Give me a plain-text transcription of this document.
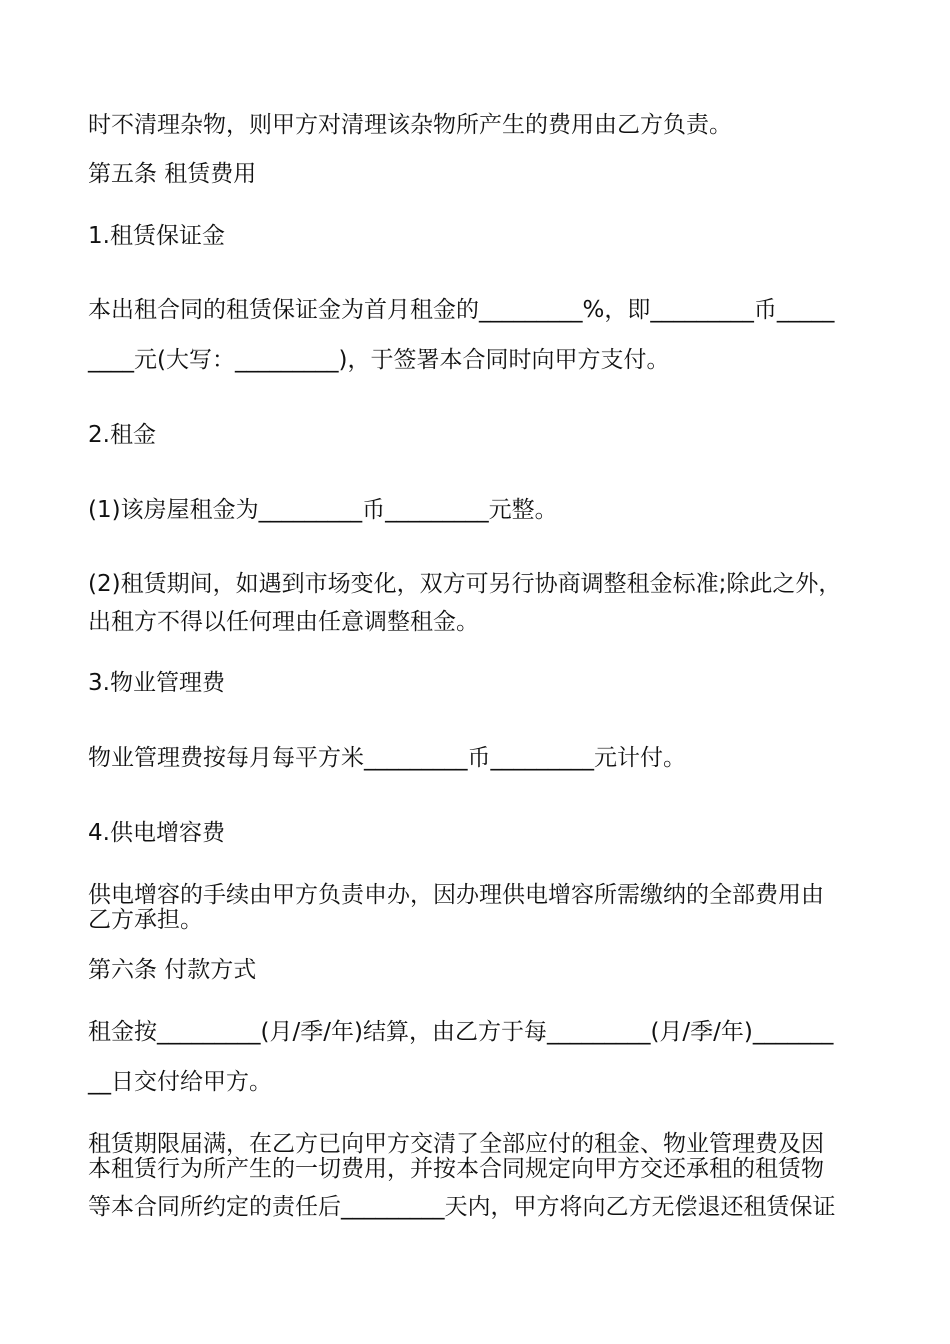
时不清理杂物，则甲方对清理该杂物所产生的费用由乙方负责。

第五条 租赁费用

1.租赁保证金

本出租合同的租赁保证金为首月租金的_________%，即_________币_____

____元(大写：_________)，于签署本合同时向甲方支付。

2.租金

(1)该房屋租金为_________币_________元整。

(2)租赁期间，如遇到市场变化，双方可另行协商调整租金标准;除此之外，

出租方不得以任何理由任意调整租金。

3.物业管理费

物业管理费按每月每平方米_________币_________元计付。

4.供电增容费

供电增容的手续由甲方负责申办，因办理供电增容所需缴纳的全部费用由

乙方承担。

第六条 付款方式

租金按_________(月/季/年)结算，由乙方于每_________(月/季/年)_______

__日交付给甲方。

租赁期限届满，在乙方已向甲方交清了全部应付的租金、物业管理费及因

本租赁行为所产生的一切费用，并按本合同规定向甲方交还承租的租赁物

等本合同所约定的责任后_________天内，甲方将向乙方无偿退还租赁保证
